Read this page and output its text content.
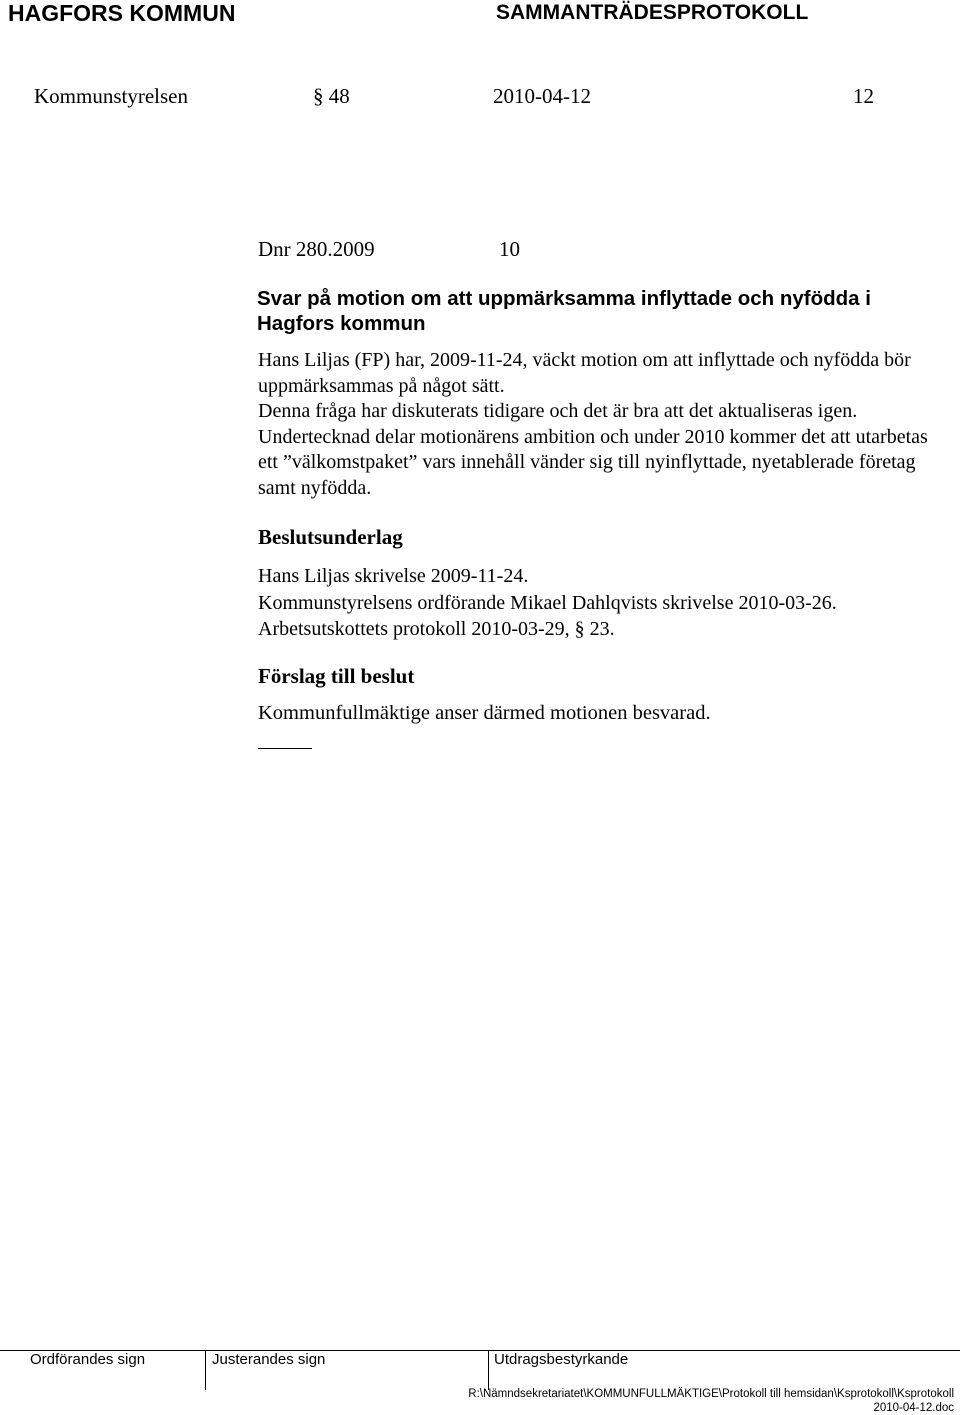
HAGFORS KOMMUN	SAMMANTRÄDESPROTOKOLL
Kommunstyrelsen	§ 48	2010-04-12	12
Dnr 280.2009	10
Svar på motion om att uppmärksamma inflyttade och nyfödda i Hagfors kommun

Hans Liljas (FP) har, 2009-11-24, väckt motion om att inflyttade och nyfödda bör uppmärksammas på något sätt.

Denna fråga har diskuterats tidigare och det är bra att det aktualiseras igen.

Undertecknad delar motionärens ambition och under 2010 kommer det att utarbetas ett ”välkomstpaket” vars innehåll vänder sig till nyinflyttade, nyetablerade företag samt nyfödda.

Beslutsunderlag
Hans Liljas skrivelse 2009-11-24.
Kommunstyrelsens ordförande Mikael Dahlqvists skrivelse 2010-03-26.
Arbetsutskottets protokoll 2010-03-29, § 23.
Förslag till beslut
Kommunfullmäktige anser därmed motionen besvarad.
Ordförandes sign	Justerandes sign	Utdragsbestyrkande
R:\Nämndsekretariatet\KOMMUNFULLMÄKTIGE\Protokoll till hemsidan\Ksprotokoll\Ksprotokoll
2010-04-12.doc
